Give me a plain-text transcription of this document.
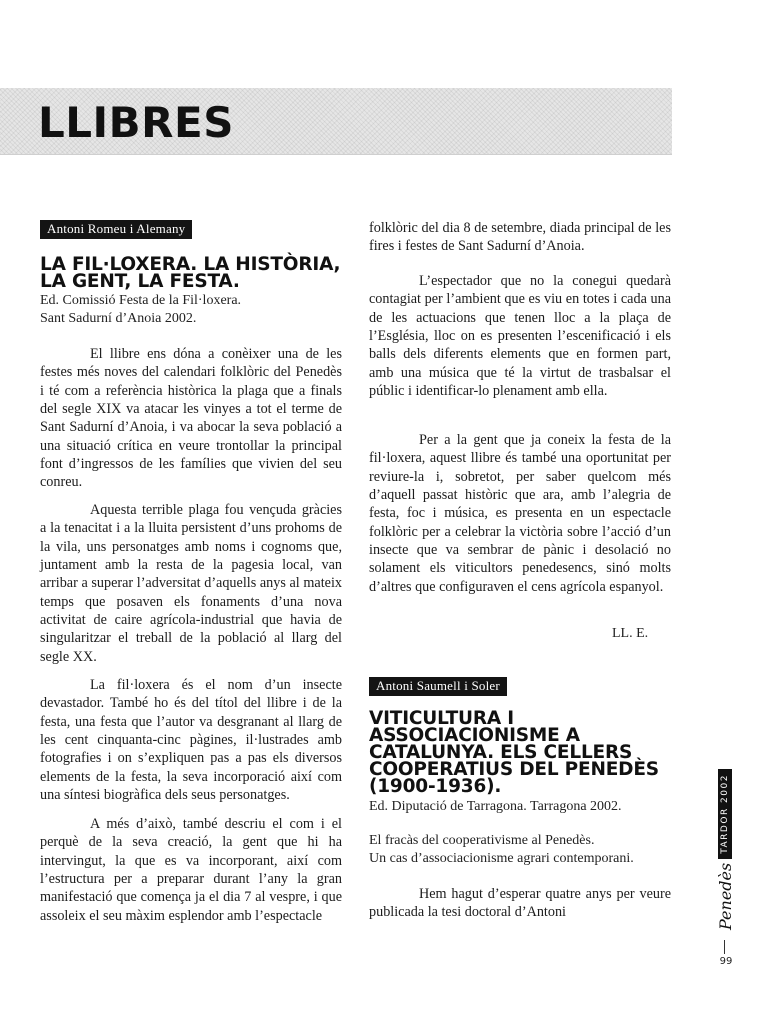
LLIBRES
Antoni Romeu i Alemany
LA FIL·LOXERA. LA HISTÒRIA,
LA GENT, LA FESTA.
Ed. Comissió Festa de la Fil·loxera.
Sant Sadurní d’Anoia 2002.

El llibre ens dóna a conèixer una de les festes més noves del calendari folklòric del Penedès i té com a referència històrica la plaga que a finals del segle XIX va atacar les vinyes a tot el terme de Sant Sadurní d’Anoia, i va abocar la seva població a una situació crítica en veure trontollar la principal font d’ingressos de les famílies que vivien del seu conreu.

Aquesta terrible plaga fou vençuda gràcies a la tenacitat i a la lluita persistent d’uns prohoms de la vila, uns personatges amb noms i cognoms que, juntament amb la resta de la pagesia local, van arribar a superar l’adversitat d’aquells anys al mateix temps que posaven els fonaments d’una nova activitat de caire agrícola-industrial que havia de singularitzar el treball de la població al llarg del segle XX.

La fil·loxera és el nom d’un insecte devastador. També ho és del títol del llibre i de la festa, una festa que l’autor va desgranant al llarg de les cent cinquanta-cinc pàgines, il·lustrades amb fotografies i on s’expliquen pas a pas els diversos elements de la festa, la seva incorporació així com una síntesi biogràfica dels seus personatges.

A més d’això, també descriu el com i el perquè de la seva creació, la gent que hi ha intervingut, la que es va incorporant, així com l’estructura per a preparar durant l’any la gran manifestació que comença ja el dia 7 al vespre, i que assoleix el seu màxim esplendor amb l’espectacle

folklòric del dia 8 de setembre, diada principal de les fires i festes de Sant Sadurní d’Anoia.

L’espectador que no la conegui quedarà contagiat per l’ambient que es viu en totes i cada una de les actuacions que tenen lloc a la plaça de l’Església, lloc on es presenten l’escenificació i els balls dels diferents elements que en formen part, amb una música que té la virtut de trasbalsar el públic i identificar-lo plenament amb ella.

Per a la gent que ja coneix la festa de la fil·loxera, aquest llibre és també una oportunitat per reviure-la i, sobretot, per saber quelcom més d’aquell passat històric que ara, amb l’alegria de festa, foc i música, es presenta en un espectacle folklòric per a celebrar la victòria sobre l’acció d’un insecte que va sembrar de pànic i desolació no solament els viticultors penedesencs, sinó molts d’altres que configuraven el cens agrícola espanyol.

LL. E.
Antoni Saumell i Soler
VITICULTURA I
ASSOCIACIONISME A
CATALUNYA. ELS CELLERS
COOPERATIUS DEL PENEDÈS
(1900-1936).
Ed. Diputació de Tarragona. Tarragona 2002.
El fracàs del cooperativisme al Penedès.
Un cas d’associacionisme agrari contemporani.

Hem hagut d’esperar quatre anys per veure publicada la tesi doctoral d’Antoni	Penedès
TARDOR 2002
99
